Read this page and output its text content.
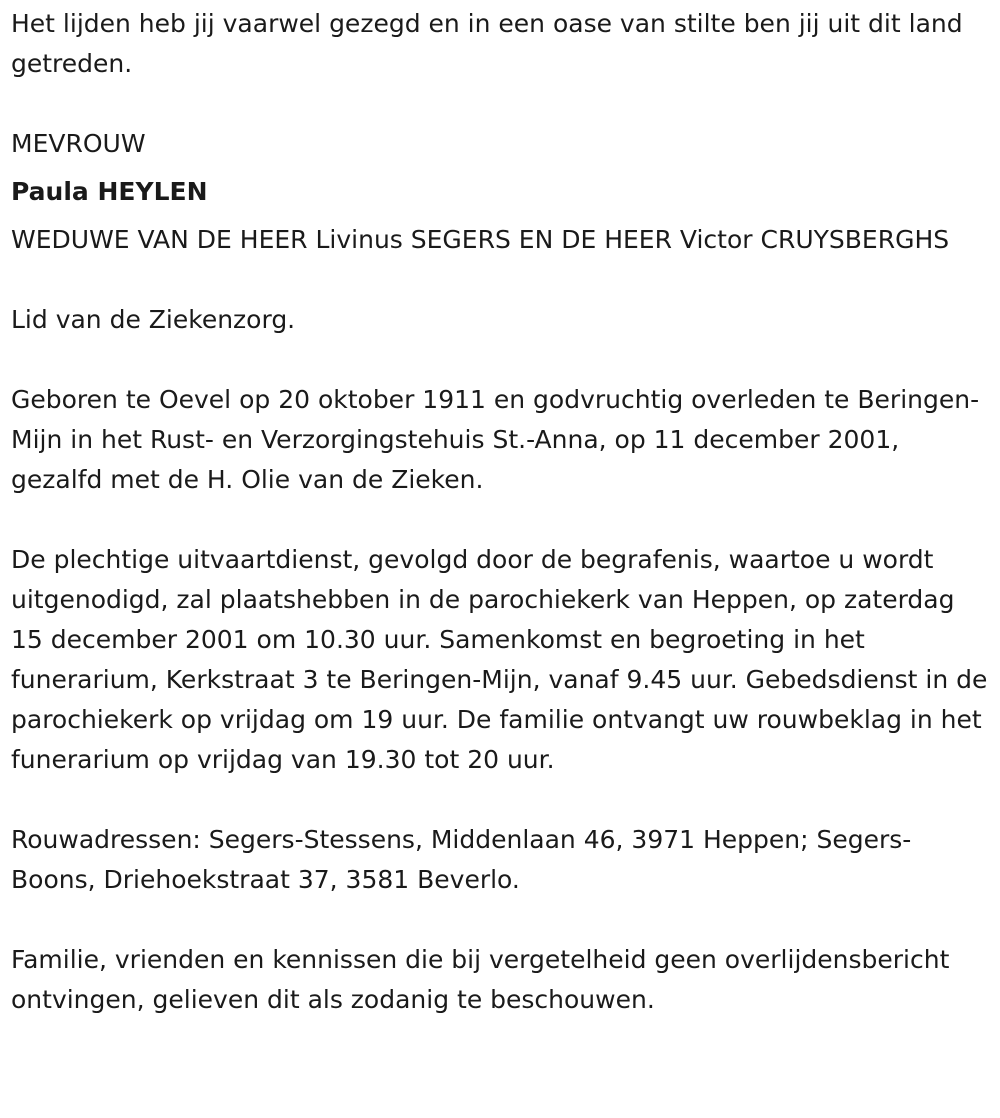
Het lijden heb jij vaarwel gezegd en in een oase van stilte ben jij uit dit land getreden.

MEVROUW

Paula HEYLEN

WEDUWE VAN DE HEER Livinus SEGERS EN DE HEER Victor CRUYSBERGHS

Lid van de Ziekenzorg.

Geboren te Oevel op 20 oktober 1911 en godvruchtig overleden te Beringen-Mijn in het Rust- en Verzorgingstehuis St.-Anna, op 11 december 2001, gezalfd met de H. Olie van de Zieken.

De plechtige uitvaartdienst, gevolgd door de begrafenis, waartoe u wordt uitgenodigd, zal plaatshebben in de parochiekerk van Heppen, op zaterdag 15 december 2001 om 10.30 uur. Samenkomst en begroeting in het funerarium, Kerkstraat 3 te Beringen-Mijn, vanaf 9.45 uur. Gebedsdienst in de parochiekerk op vrijdag om 19 uur. De familie ontvangt uw rouwbeklag in het funerarium op vrijdag van 19.30 tot 20 uur.

Rouwadressen: Segers-Stessens, Middenlaan 46, 3971 Heppen; Segers-Boons, Driehoekstraat 37, 3581 Beverlo.

Familie, vrienden en kennissen die bij vergetelheid geen overlijdensbericht ontvingen, gelieven dit als zodanig te beschouwen.
